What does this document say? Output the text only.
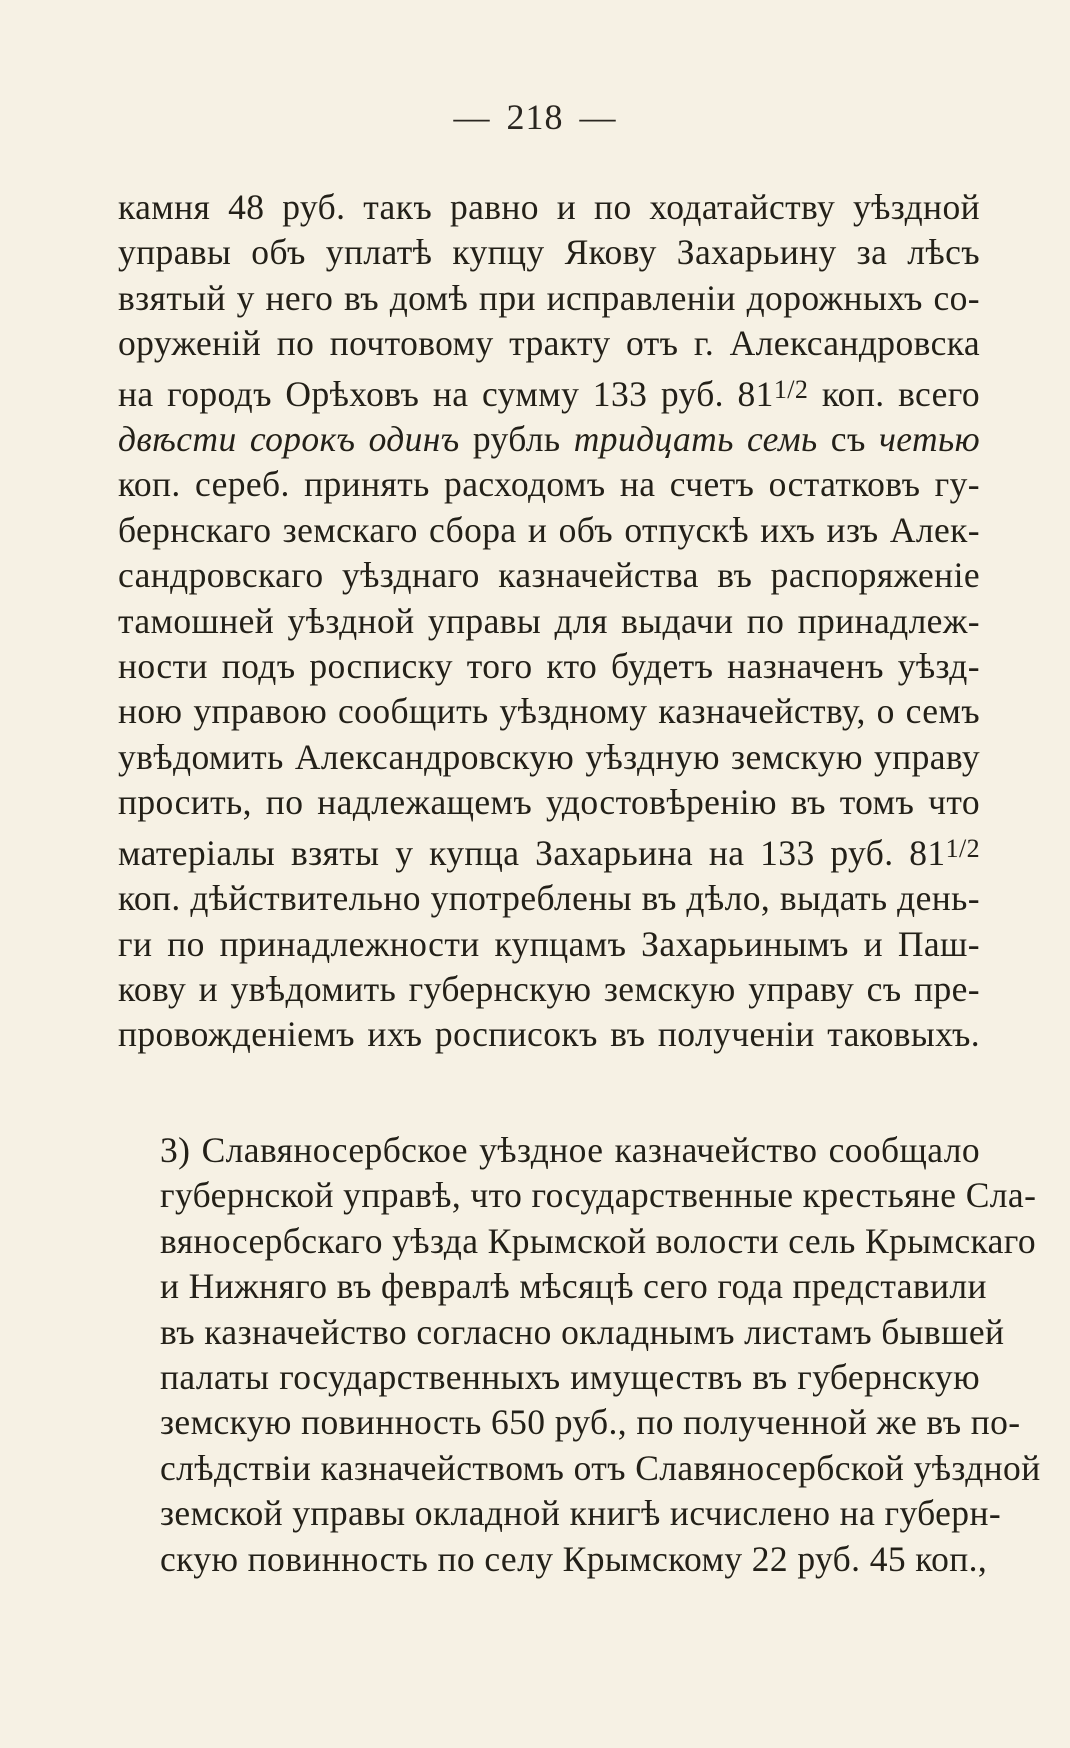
— 218 —
камня 48 руб. такъ равно и по ходатайству уѣздной
управы объ уплатѣ купцу Якову Захарьину за лѣсъ
взятый у него въ домѣ при исправленіи дорожныхъ со-
оруженій по почтовому тракту отъ г. Александровска
на городъ Орѣховъ на сумму 133 руб. $81^{1/2}$ коп. всего
двѣсти сорокъ одинъ рубль тридцать семь съ четью
коп. сереб. принять расходомъ на счетъ остатковъ гу-
бернскаго земскаго сбора и объ отпускѣ ихъ изъ Алек-
сандровскаго уѣзднаго казначейства въ распоряженіе
тамошней уѣздной управы для выдачи по принадлеж-
ности подъ росписку того кто будетъ назначенъ уѣзд-
ною управою сообщить уѣздному казначейству, о семъ
увѣдомить Александровскую уѣздную земскую управу
просить, по надлежащемъ удостовѣренію въ томъ что
матеріалы взяты у купца Захарьина на 133 руб. $81^{1/2}$
коп. дѣйствительно употреблены въ дѣло, выдать день-
ги по принадлежности купцамъ Захарьинымъ и Паш-
кову и увѣдомить губернскую земскую управу съ пре-
провожденіемъ ихъ росписокъ въ полученіи таковыхъ.
3) Славяносербское уѣздное казначейство сообщало
губернской управѣ, что государственные крестьяне Сла-
вяносербскаго уѣзда Крымской волости сель Крымскаго
и Нижняго въ февралѣ мѣсяцѣ сего года представили
въ казначейство согласно окладнымъ листамъ бывшей
палаты государственныхъ имуществъ въ губернскую
земскую повинность 650 руб., по полученной же въ по-
слѣдствіи казначействомъ отъ Славяносербской уѣздной
земской управы окладной книгѣ исчислено на губерн-
скую повинность по селу Крымскому 22 руб. 45 коп.,
